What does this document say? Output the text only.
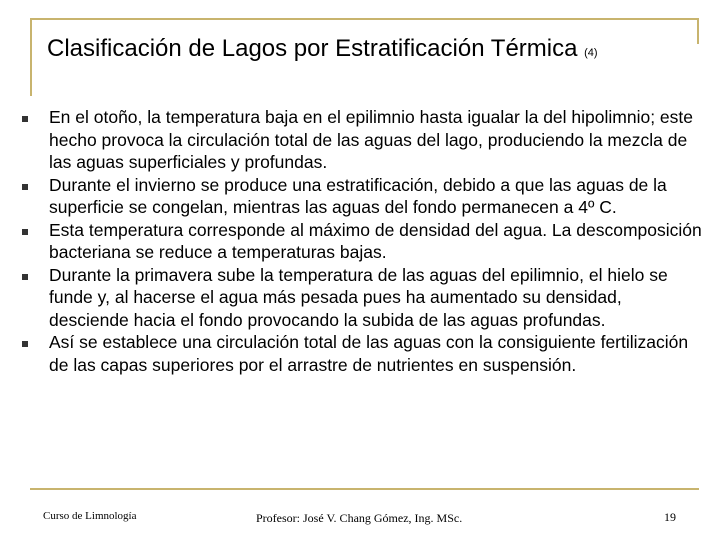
Clasificación de Lagos por Estratificación Térmica (4)
En el otoño, la temperatura baja en el epilimnio hasta igualar la del hipolimnio; este hecho provoca la circulación total de las aguas del lago, produciendo la mezcla de las aguas superficiales y profundas.
Durante el invierno se produce una estratificación, debido a que las aguas de la superficie se congelan, mientras las aguas del fondo permanecen a 4º C.
Esta temperatura corresponde al máximo de densidad del agua. La descomposición bacteriana se reduce a temperaturas bajas.
Durante la primavera sube la temperatura de las aguas del epilimnio, el hielo se funde y, al hacerse el agua más pesada pues ha aumentado su densidad, desciende hacia el fondo provocando la subida de las aguas profundas.
Así se establece una circulación total de las aguas con la consiguiente fertilización de las capas superiores por el arrastre de nutrientes en suspensión.
Curso de Limnología	Profesor: José V. Chang Gómez, Ing. MSc.	19
